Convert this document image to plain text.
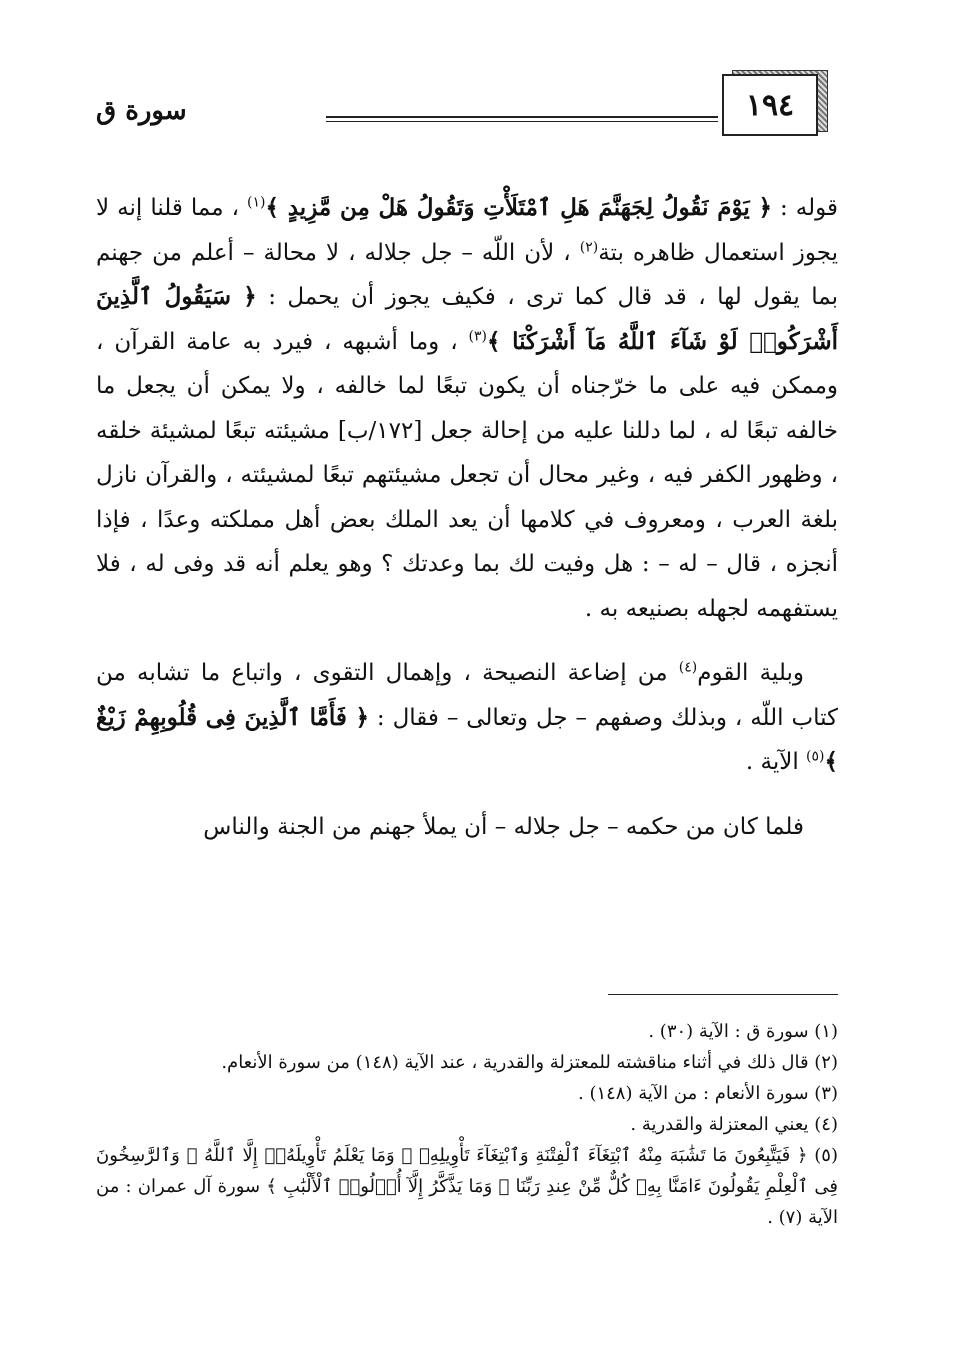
سورة ق	١٩٤

قوله : ﴿ يَوْمَ نَقُولُ لِجَهَنَّمَ هَلِ ٱمْتَلَأْتِ وَتَقُولُ هَلْ مِن مَّزِيدٍ ﴾$^{(١)}$ ، مما قلنا إنه لا يجوز استعمال ظاهره بتة$^{(٢)}$ ، لأن اللّه – جل جلاله ، لا محالة – أعلم من جهنم بما يقول لها ، قد قال كما ترى ، فكيف يجوز أن يحمل : ﴿ سَيَقُولُ ٱلَّذِينَ أَشْرَكُوا۟ لَوْ شَآءَ ٱللَّهُ مَآ أَشْرَكْنَا ﴾$^{(٣)}$ ، وما أشبهه ، فيرد به عامة القرآن ، وممكن فيه على ما خرّجناه أن يكون تبعًا لما خالفه ، ولا يمكن أن يجعل ما خالفه تبعًا له ، لما دللنا عليه من إحالة جعل [١٧٢/ب] مشيئته تبعًا لمشيئة خلقه ، وظهور الكفر فيه ، وغير محال أن تجعل مشيئتهم تبعًا لمشيئته ، والقرآن نازل بلغة العرب ، ومعروف في كلامها أن يعد الملك بعض أهل مملكته وعدًا ، فإذا أنجزه ، قال – له – : هل وفيت لك بما وعدتك ؟ وهو يعلم أنه قد وفى له ، فلا يستفهمه لجهله بصنيعه به .

وبلية القوم$^{(٤)}$ من إضاعة النصيحة ، وإهمال التقوى ، واتباع ما تشابه من كتاب اللّه ، وبذلك وصفهم – جل وتعالى – فقال : ﴿ فَأَمَّا ٱلَّذِينَ فِى قُلُوبِهِمْ زَيْغٌ ﴾$^{(٥)}$ الآية .

فلما كان من حكمه – جل جلاله – أن يملأ جهنم من الجنة والناس

(١) سورة ق : الآية (٣٠) .

(٢) قال ذلك في أثناء مناقشته للمعتزلة والقدرية ، عند الآية (١٤٨) من سورة الأنعام.

(٣) سورة الأنعام : من الآية (١٤٨) .

(٤) يعني المعتزلة والقدرية .

(٥) ﴿ فَيَتَّبِعُونَ مَا تَشَٰبَهَ مِنْهُ ٱبْتِغَآءَ ٱلْفِتْنَةِ وَٱبْتِغَآءَ تَأْوِيلِهِۦ ۗ وَمَا يَعْلَمُ تَأْوِيلَهُۥٓ إِلَّا ٱللَّهُ ۗ وَٱلرَّٰسِخُونَ فِى ٱلْعِلْمِ يَقُولُونَ ءَامَنَّا بِهِۦ كُلٌّ مِّنْ عِندِ رَبِّنَا ۗ وَمَا يَذَّكَّرُ إِلَّآ أُو۟لُوا۟ ٱلْأَلْبَٰبِ ﴾ سورة آل عمران : من الآية (٧) .
